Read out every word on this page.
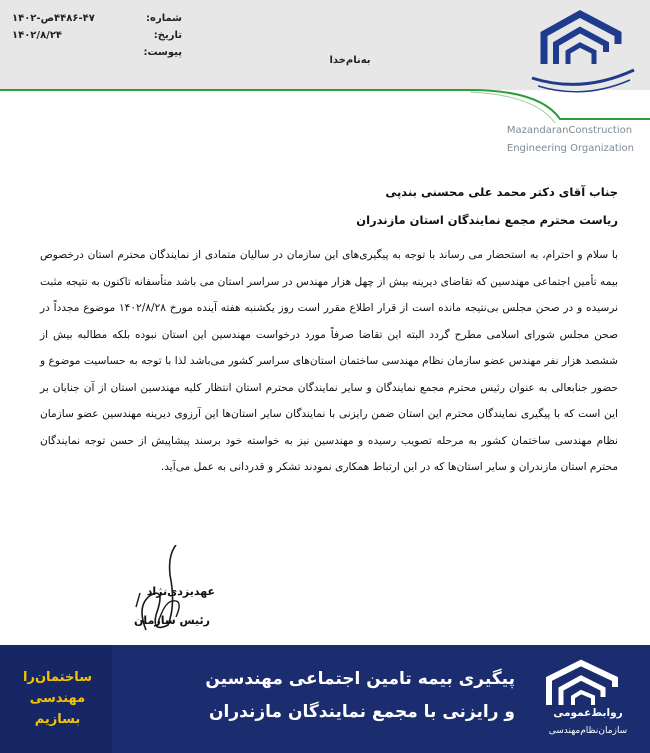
شماره:
۴۴۸۶-۴۷ص-۱۴۰۲
تاریخ:
۱۴۰۲/۸/۲۴
پیوست:
به‌نام‌خدا
MazandaranConstruction
Engineering Organization
جناب آقای دکتر محمد علی محسنی بندپی
ریاست محترم مجمع نمایندگان استان مازندران
با سلام و احترام، به استحضار می رساند با توجه به پیگیری‌های این سازمان در سالیان متمادی از نمایندگان محترم استان درخصوص بیمه تأمین اجتماعی مهندسین که تقاضای دیرینه بیش از چهل هزار مهندس در سراسر استان می باشد متأسفانه تاکنون به نتیجه مثبت نرسیده و در صحن مجلس بی‌نتیجه مانده است از قرار اطلاع مقرر است روز یکشنبه هفته آینده مورخ ۱۴۰۲/۸/۲۸ موضوع مجدداً در صحن مجلس شورای اسلامی مطرح گردد البته این تقاضا صرفاً مورد درخواست مهندسین این استان نبوده بلکه مطالبه بیش از ششصد هزار نفر مهندس عضو سازمان نظام مهندسی ساختمان استان‌های سراسر کشور می‌باشد لذا با توجه به حساسیت موضوع و حضور جنابعالی به عنوان رئیس محترم مجمع نمایندگان و سایر نمایندگان محترم استان انتظار کلیه مهندسین استان از آن جنابان بر این است که با پیگیری نمایندگان محترم این استان ضمن رایزنی با نمایندگان سایر استان‌ها این آرزوی دیرینه مهندسین عضو سازمان نظام مهندسی ساختمان کشور به مرحله تصویب رسیده و مهندسین نیز به خواسته خود برسند پیشاپیش از حسن توجه نمایندگان محترم استان مازندران و سایر استان‌ها که در این ارتباط همکاری نمودند تشکر و قدردانی به عمل می‌آید.
عهدیزدی‌نژاد
رئیس سازمان
ساختمان‌را
مهندسی
بسازیم
پیگیری بیمه تامین اجتماعی مهندسین
و رایزنی با مجمع نمایندگان مازندران	روابط‌عمومی
سازمان‌نظام‌مهندسی
